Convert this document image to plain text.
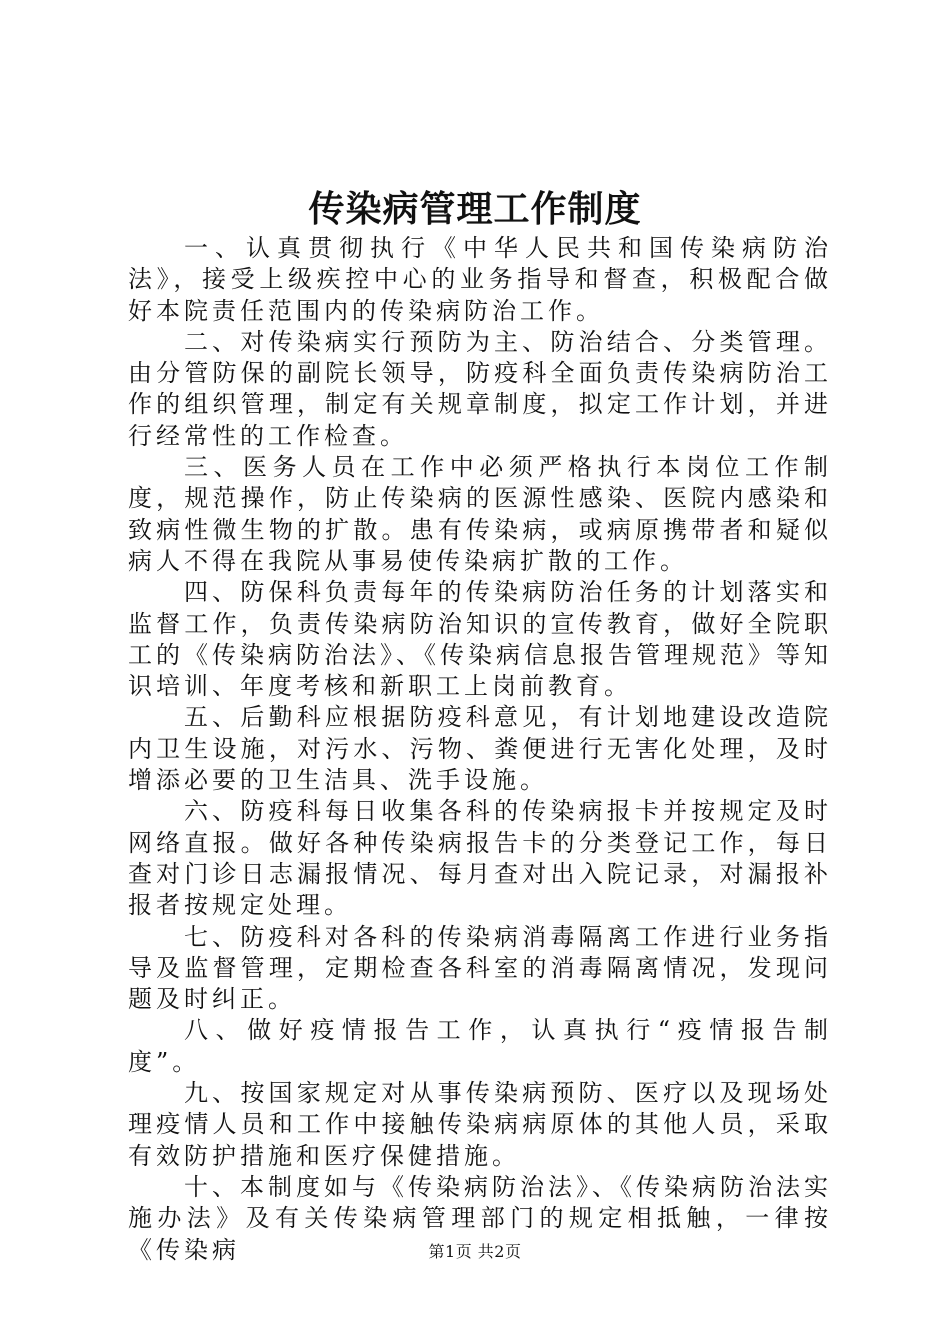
传染病管理工作制度

一、认真贯彻执行《中华人民共和国传染病防治法》，接受上级疾控中心的业务指导和督查，积极配合做好本院责任范围内的传染病防治工作。

二、对传染病实行预防为主、防治结合、分类管理。由分管防保的副院长领导，防疫科全面负责传染病防治工作的组织管理，制定有关规章制度，拟定工作计划，并进行经常性的工作检查。

三、医务人员在工作中必须严格执行本岗位工作制度，规范操作，防止传染病的医源性感染、医院内感染和致病性微生物的扩散。患有传染病，或病原携带者和疑似病人不得在我院从事易使传染病扩散的工作。

四、防保科负责每年的传染病防治任务的计划落实和监督工作，负责传染病防治知识的宣传教育，做好全院职工的《传染病防治法》、《传染病信息报告管理规范》等知识培训、年度考核和新职工上岗前教育。

五、后勤科应根据防疫科意见，有计划地建设改造院内卫生设施，对污水、污物、粪便进行无害化处理，及时增添必要的卫生洁具、洗手设施。

六、防疫科每日收集各科的传染病报卡并按规定及时网络直报。做好各种传染病报告卡的分类登记工作，每日查对门诊日志漏报情况、每月查对出入院记录，对漏报补报者按规定处理。

七、防疫科对各科的传染病消毒隔离工作进行业务指导及监督管理，定期检查各科室的消毒隔离情况，发现问题及时纠正。

八、做好疫情报告工作，认真执行“疫情报告制度”。

九、按国家规定对从事传染病预防、医疗以及现场处理疫情人员和工作中接触传染病病原体的其他人员，采取有效防护措施和医疗保健措施。

十、本制度如与《传染病防治法》、《传染病防治法实施办法》及有关传染病管理部门的规定相抵触，一律按《传染病	第1页 共2页
